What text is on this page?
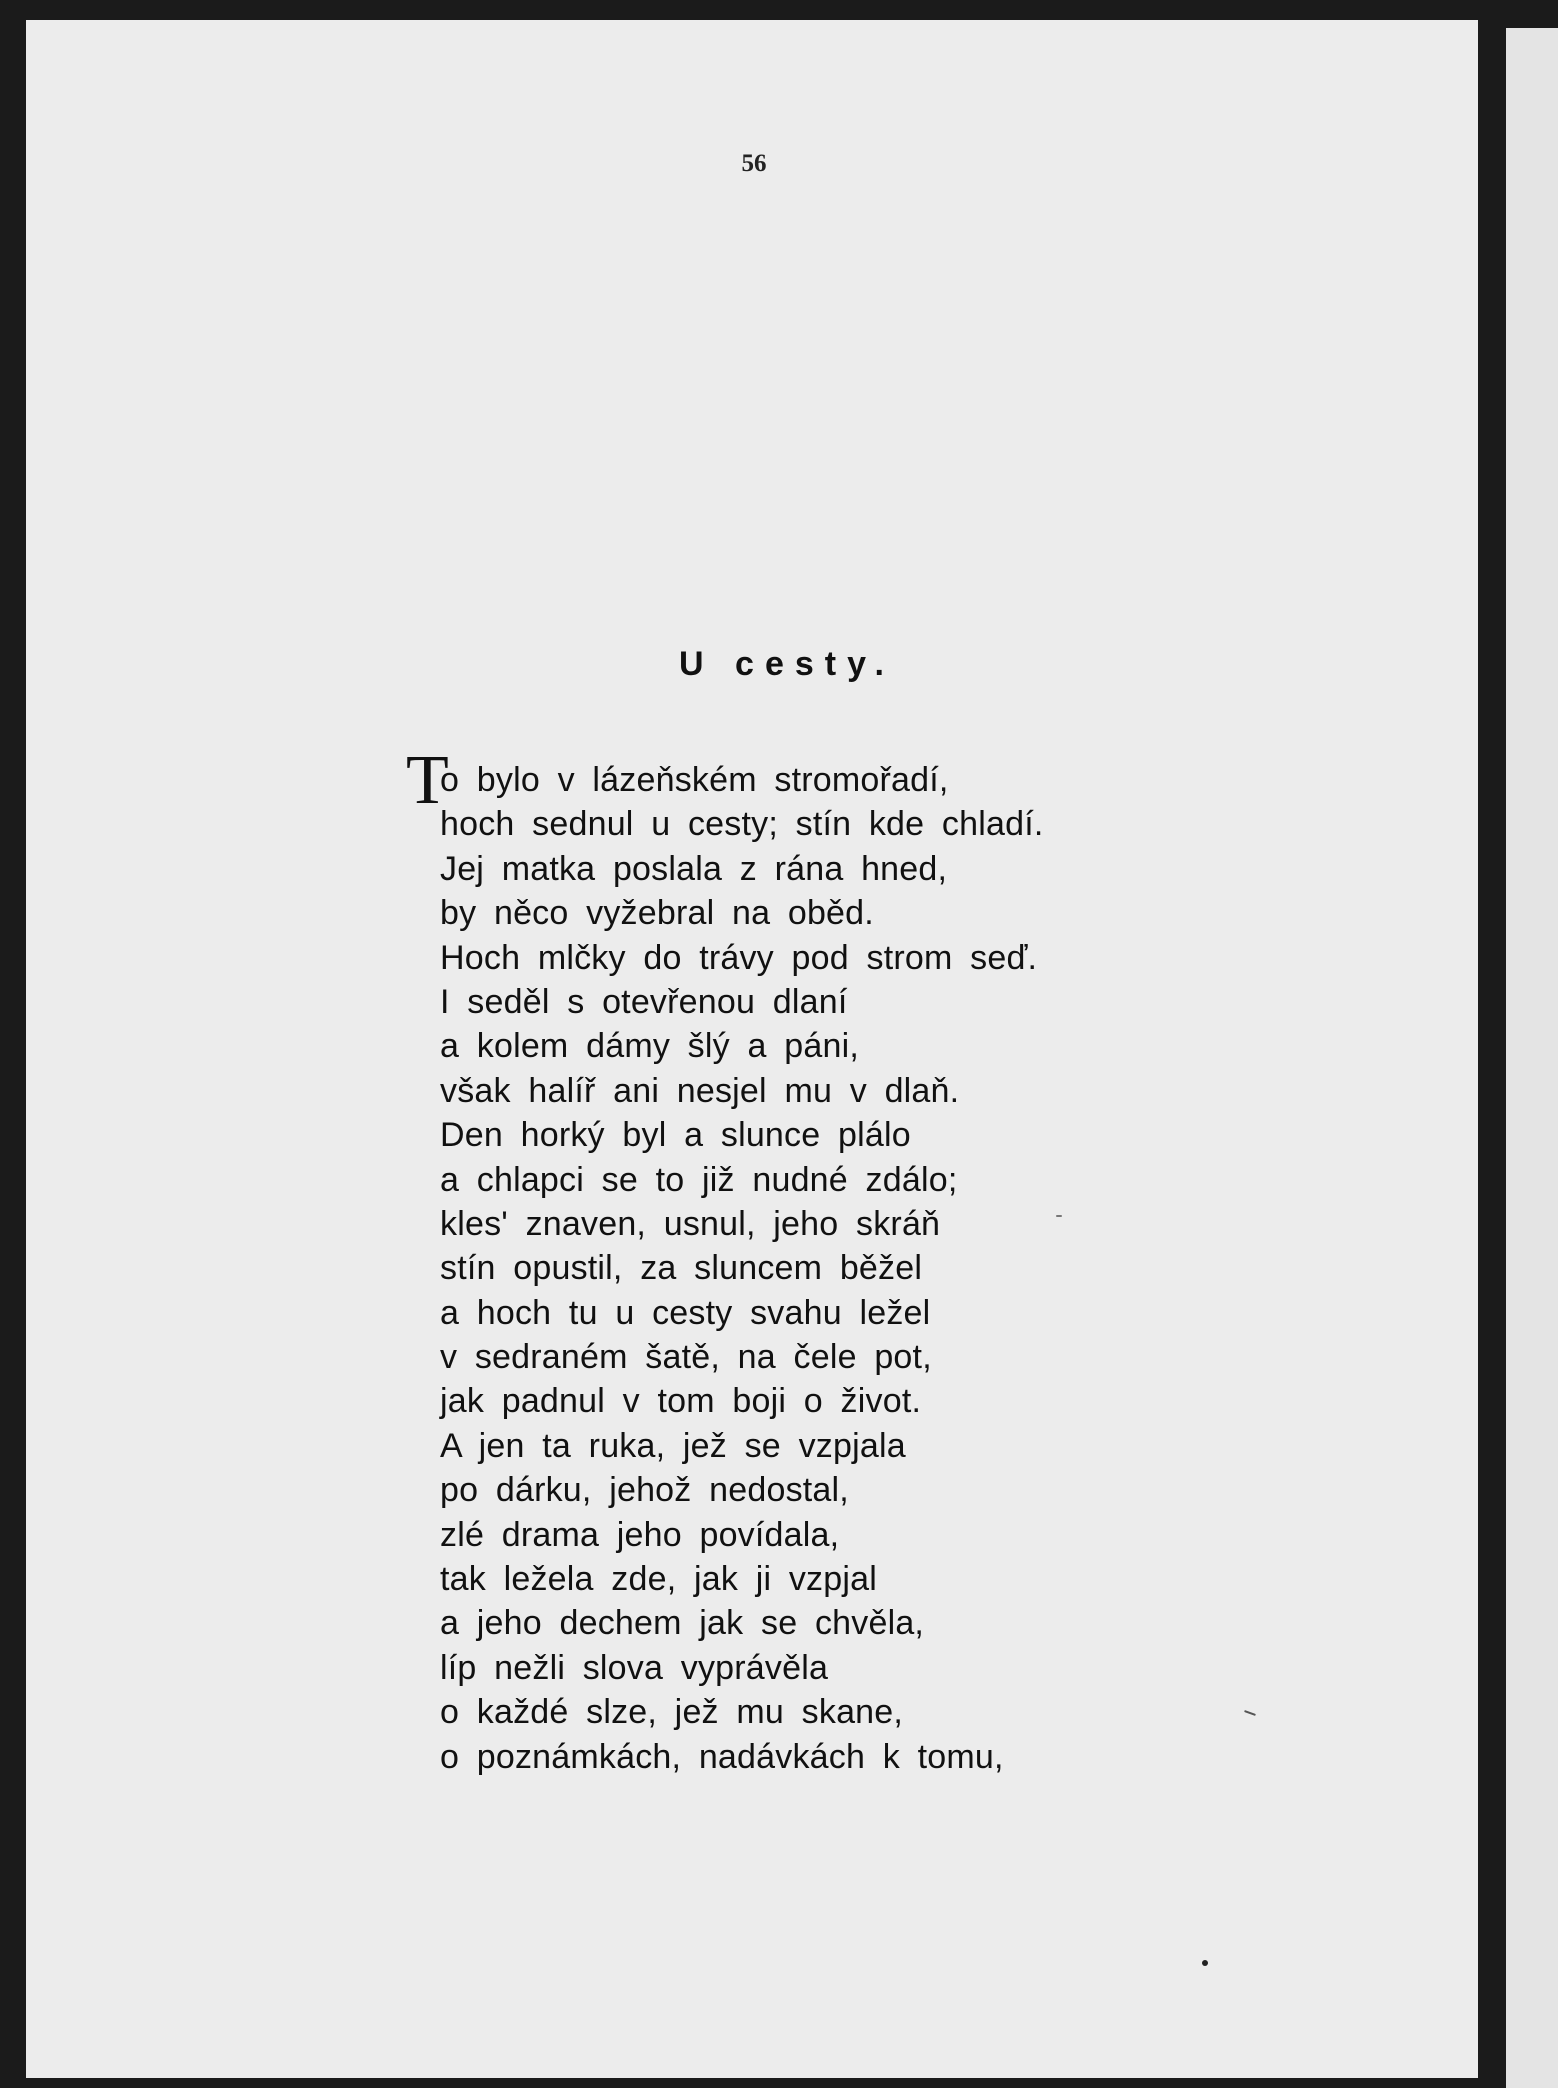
56
U cesty.
T
o bylo v lázeňském stromořadí,
hoch sednul u cesty; stín kde chladí.
Jej matka poslala z rána hned,
by něco vyžebral na oběd.
Hoch mlčky do trávy pod strom seď.
I seděl s otevřenou dlaní
a kolem dámy šlý a páni,
však halíř ani nesjel mu v dlaň.
Den horký byl a slunce plálo
a chlapci se to již nudné zdálo;
kles' znaven, usnul, jeho skráň
stín opustil, za sluncem běžel
a hoch tu u cesty svahu ležel
v sedraném šatě, na čele pot,
jak padnul v tom boji o život.
A jen ta ruka, jež se vzpjala
po dárku, jehož nedostal,
zlé drama jeho povídala,
tak ležela zde, jak ji vzpjal
a jeho dechem jak se chvěla,
líp nežli slova vyprávěla
o každé slze, jež mu skane,
o poznámkách, nadávkách k tomu,
